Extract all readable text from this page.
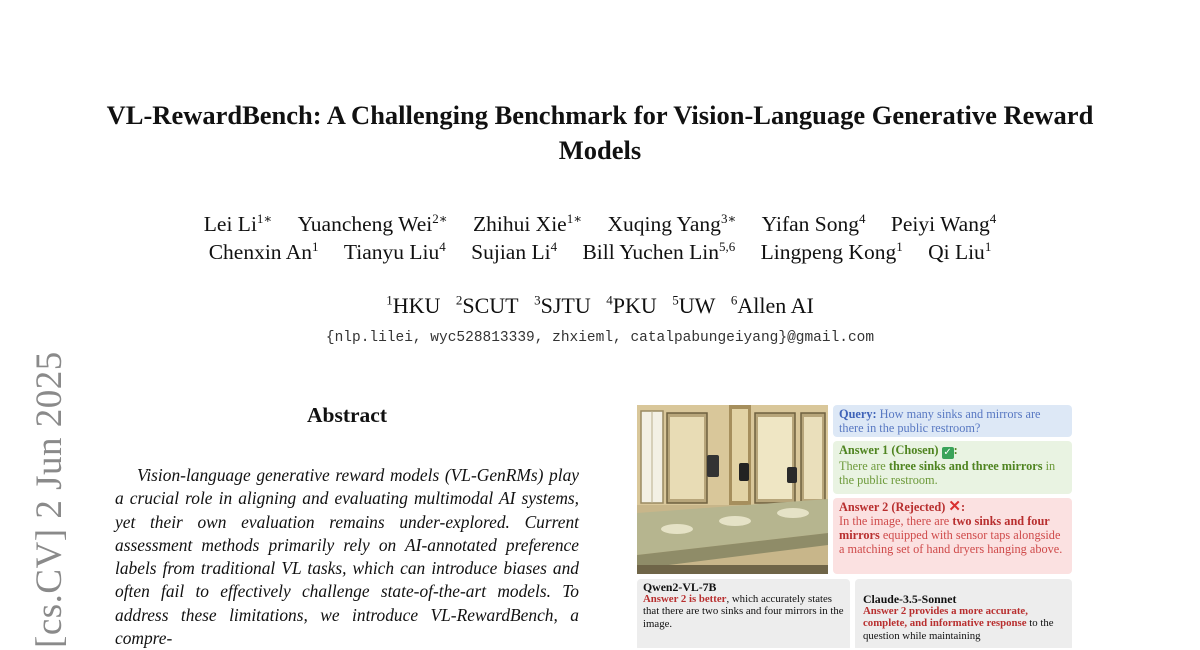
[cs.CV] 2 Jun 2025
VL-RewardBench: A Challenging Benchmark for Vision-Language Generative Reward Models
Lei $Li^{1∗}$ Yuancheng Wei$^{2∗}$ Zhihui Xie$^{1∗}$ Xuqing Yang$^{3∗}$ Yifan Song$^4$ Peiyi Wang$^4$
Chenxin An$^1$ Tianyu Liu$^4$ Sujian Li$^4$ Bill Yuchen Lin$^{5,6}$ Lingpeng Kong$^1$ Qi Liu$^1$
$^1$HKU $^2$SCUT $^3$SJTU $^4$PKU $^5$UW $^6$Allen AI
{nlp.lilei, wyc528813339, zhxieml, catalpabungeiyang}@gmail.com
Abstract
Vision-language generative reward models (VL-GenRMs) play a crucial role in aligning and evaluating multimodal AI systems, yet their own evaluation remains under-explored. Current assessment methods primarily rely on AI-annotated preference labels from traditional VL tasks, which can introduce biases and often fail to effectively challenge state-of-the-art models. To address these limitations, we introduce VL-RewardBench, a compre-
Query: How many sinks and mirrors are there in the public restroom?
Answer 1 (Chosen) ✓ :
There are three sinks and three mirrors in the public restroom.
Answer 2 (Rejected) ✕:
In the image, there are two sinks and four mirrors equipped with sensor taps alongside a matching set of hand dryers hanging above.
Qwen2-VL-7B
Answer 2 is better, which accurately states that there are two sinks and four mirrors in the image.
Claude-3.5-Sonnet
Answer 2 provides a more accurate, complete, and informative response to the question while maintaining
